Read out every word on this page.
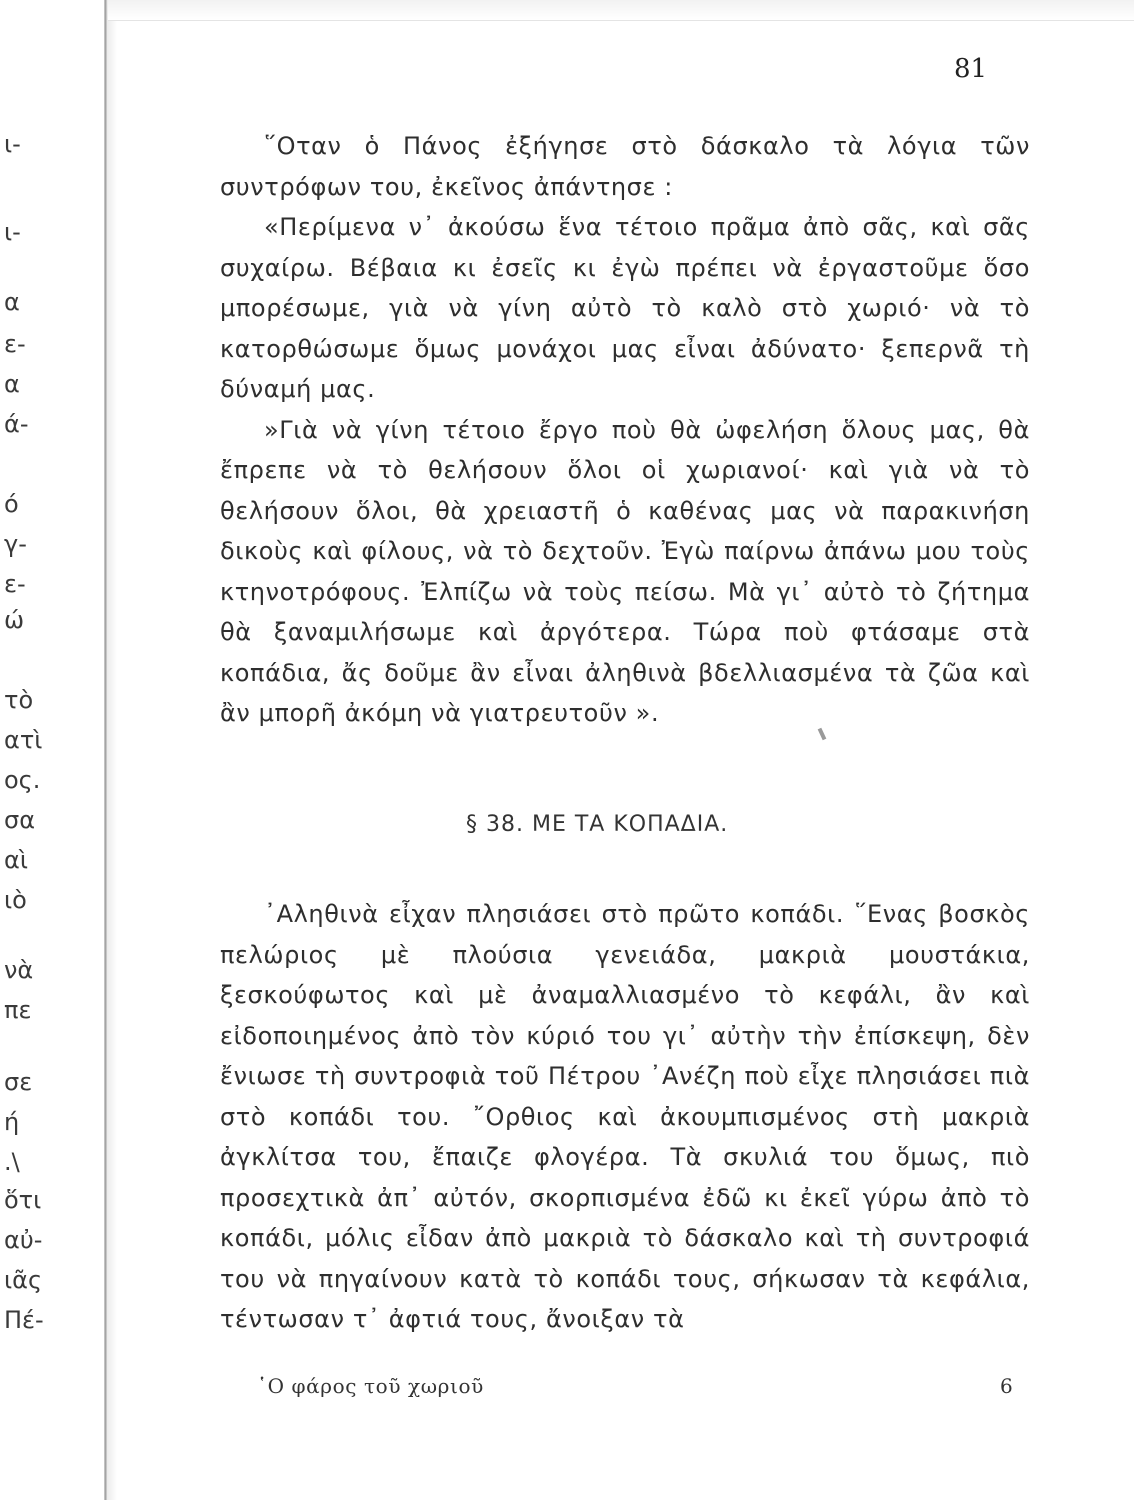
ι-
ι-
α
ε-
α
ά-
ό
γ-
ε-
ώ
τὸ
ατὶ
ος.
σα
αὶ
ιὸ
νὰ
πε
σε
ή
.\
ὅτι
αὐ-
ιᾶς
Πέ-
81

῞Οταν ὁ Πάνος ἐξήγησε στὸ δάσκαλο τὰ λόγια τῶν συντρόφων του, ἐκεῖνος ἀπάντησε :

«Περίμενα ν᾿ ἀκούσω ἕνα τέτοιο πρᾶμα ἀπὸ σᾶς, καὶ σᾶς συχαίρω. Βέβαια κι ἐσεῖς κι ἐγὼ πρέπει νὰ ἐργαστοῦμε ὅσο μπορέσωμε, γιὰ νὰ γίνη αὐτὸ τὸ καλὸ στὸ χωριό· νὰ τὸ κατορθώσωμε ὅμως μονάχοι μας εἶναι ἀδύνατο· ξεπερνᾶ τὴ δύναμή μας.

»Γιὰ νὰ γίνη τέτοιο ἔργο ποὺ θὰ ὠφελήση ὅλους μας, θὰ ἔπρεπε νὰ τὸ θελήσουν ὅλοι οἱ χωριανοί· καὶ γιὰ νὰ τὸ θελήσουν ὅλοι, θὰ χρειαστῆ ὁ καθένας μας νὰ παρακινήση δικοὺς καὶ φίλους, νὰ τὸ δεχτοῦν. Ἐγὼ παίρνω ἀπάνω μου τοὺς κτηνοτρόφους. Ἐλπίζω νὰ τοὺς πείσω. Μὰ γι᾿ αὐτὸ τὸ ζήτημα θὰ ξαναμιλήσωμε καὶ ἀργότερα. Τώρα ποὺ φτάσαμε στὰ κοπάδια, ἄς δοῦμε ἂν εἶναι ἀληθινὰ βδελλιασμένα τὰ ζῶα καὶ ἂν μπορῆ ἀκόμη νὰ γιατρευτοῦν ».

§ 38. ΜΕ ΤΑ ΚΟΠΑΔΙΑ.

᾿Αληθινὰ εἶχαν πλησιάσει στὸ πρῶτο κοπάδι. ῞Ενας βοσκὸς πελώριος μὲ πλούσια γενειάδα, μακριὰ μουστάκια, ξεσκούφωτος καὶ μὲ ἀναμαλλιασμένο τὸ κεφάλι, ἂν καὶ εἰδοποιημένος ἀπὸ τὸν κύριό του γι᾿ αὐτὴν τὴν ἐπίσκεψη, δὲν ἔνιωσε τὴ συντροφιὰ τοῦ Πέτρου ᾿Ανέζη ποὺ εἶχε πλησιάσει πιὰ στὸ κοπάδι του. ῎Ορθιος καὶ ἀκουμπισμένος στὴ μακριὰ ἀγκλίτσα του, ἔπαιζε φλογέρα. Τὰ σκυλιά του ὅμως, πιὸ προσεχτικὰ ἀπ᾿ αὐτόν, σκορπισμένα ἐδῶ κι ἐκεῖ γύρω ἀπὸ τὸ κοπάδι, μόλις εἶδαν ἀπὸ μακριὰ τὸ δάσκαλο καὶ τὴ συντροφιά του νὰ πηγαίνουν κατὰ τὸ κοπάδι τους, σήκωσαν τὰ κεφάλια, τέντωσαν τ᾿ ἀφτιά τους, ἄνοιξαν τὰ

῾Ο φάρος τοῦ χωριοῦ	6
